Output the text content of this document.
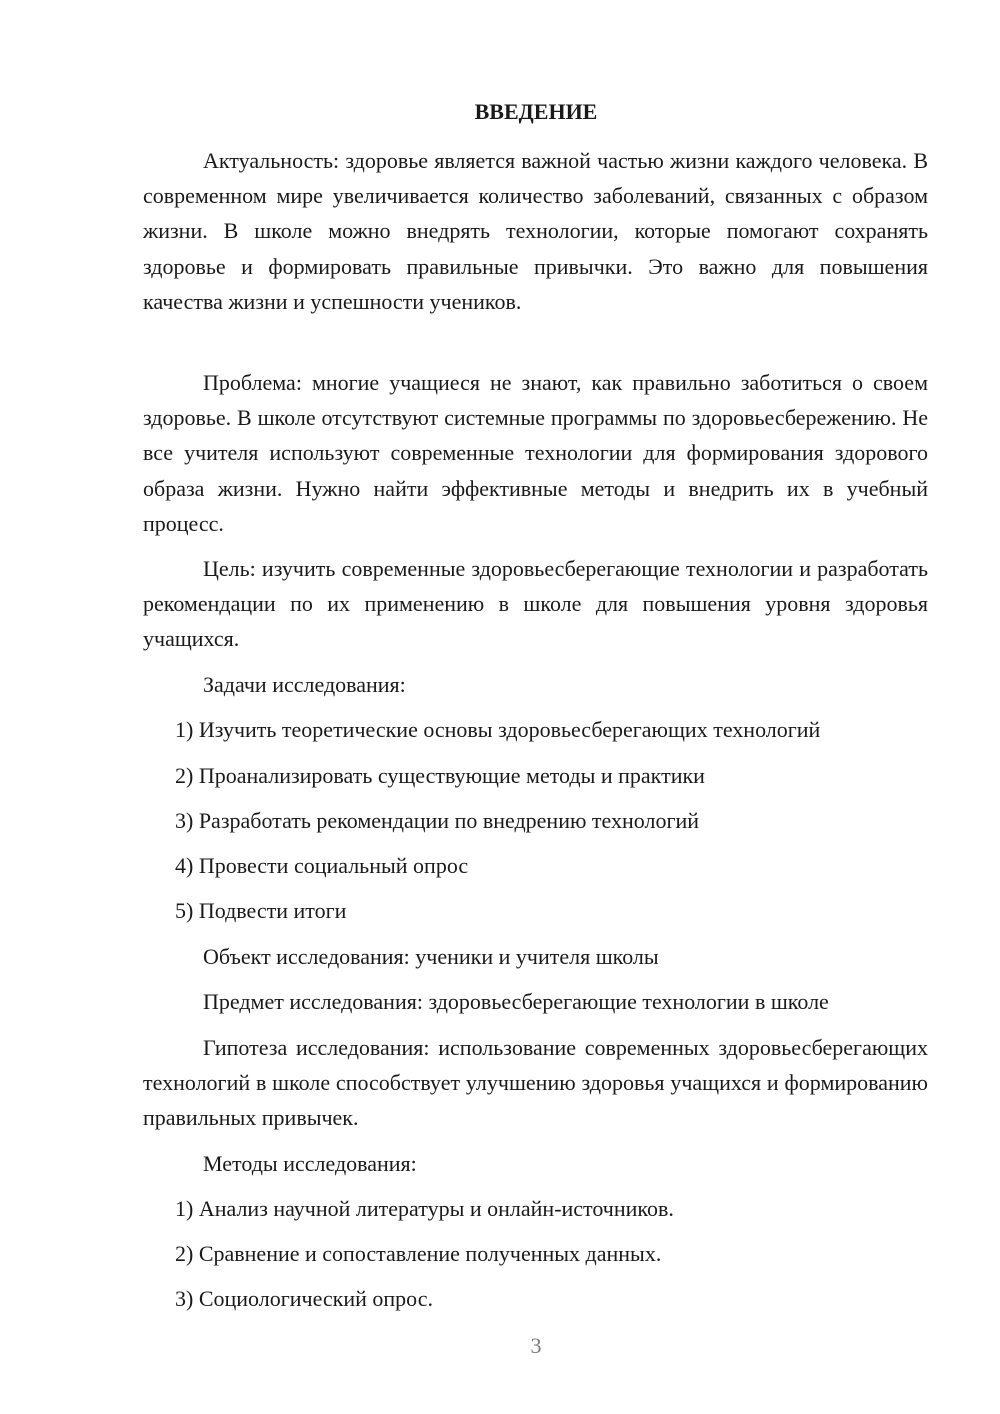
ВВЕДЕНИЕ

Актуальность: здоровье является важной частью жизни каждого человека. В современном мире увеличивается количество заболеваний, связанных с образом жизни. В школе можно внедрять технологии, которые помогают сохранять здоровье и формировать правильные привычки. Это важно для повышения качества жизни и успешности учеников.

Проблема: многие учащиеся не знают, как правильно заботиться о своем здоровье. В школе отсутствуют системные программы по здоровьесбережению. Не все учителя используют современные технологии для формирования здорового образа жизни. Нужно найти эффективные методы и внедрить их в учебный процесс.

Цель: изучить современные здоровьесберегающие технологии и разработать рекомендации по их применению в школе для повышения уровня здоровья учащихся.

Задачи исследования:

1) Изучить теоретические основы здоровьесберегающих технологий

2) Проанализировать существующие методы и практики

3) Разработать рекомендации по внедрению технологий

4) Провести социальный опрос

5) Подвести итоги

Объект исследования: ученики и учителя школы

Предмет исследования: здоровьесберегающие технологии в школе

Гипотеза исследования: использование современных здоровьесберегающих технологий в школе способствует улучшению здоровья учащихся и формированию правильных привычек.

Методы исследования:

1) Анализ научной литературы и онлайн-источников.

2) Сравнение и сопоставление полученных данных.

3) Социологический опрос.

3
